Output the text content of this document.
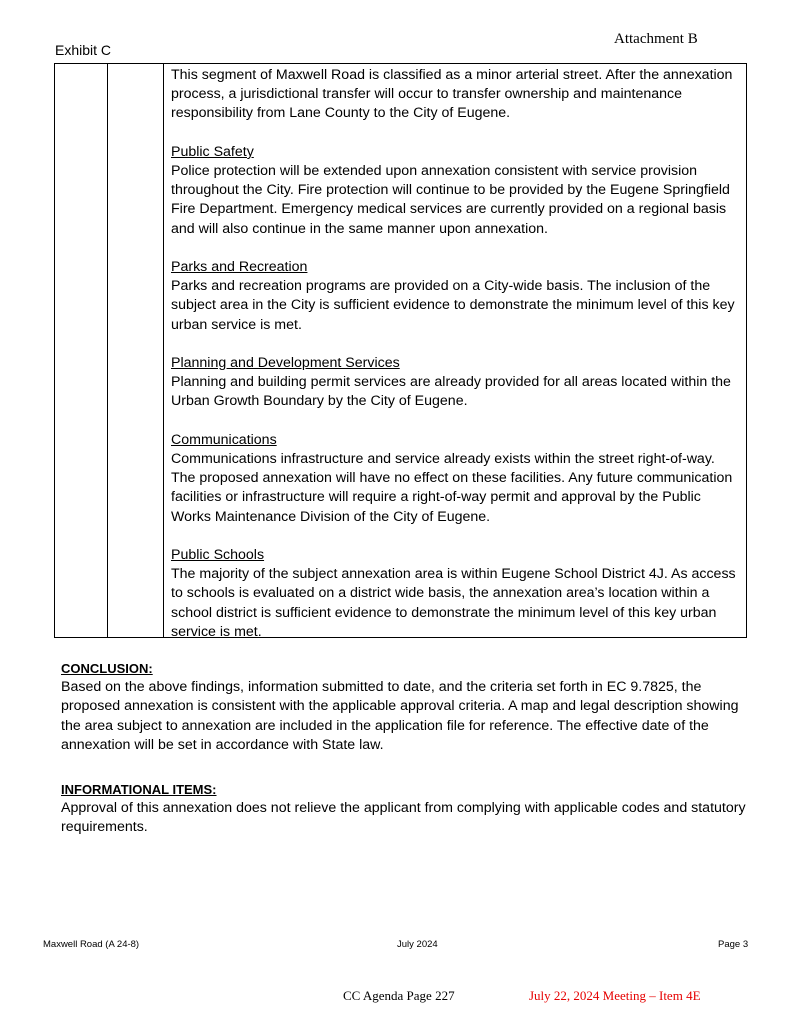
Attachment B
Exhibit C

This segment of Maxwell Road is classified as a minor arterial street. After the annexation process, a jurisdictional transfer will occur to transfer ownership and maintenance responsibility from Lane County to the City of Eugene.

Public Safety
Police protection will be extended upon annexation consistent with service provision throughout the City. Fire protection will continue to be provided by the Eugene Springfield Fire Department. Emergency medical services are currently provided on a regional basis and will also continue in the same manner upon annexation.

Parks and Recreation
Parks and recreation programs are provided on a City-wide basis. The inclusion of the subject area in the City is sufficient evidence to demonstrate the minimum level of this key urban service is met.

Planning and Development Services
Planning and building permit services are already provided for all areas located within the Urban Growth Boundary by the City of Eugene.

Communications
Communications infrastructure and service already exists within the street right-of-way. The proposed annexation will have no effect on these facilities. Any future communication facilities or infrastructure will require a right-of-way permit and approval by the Public Works Maintenance Division of the City of Eugene.

Public Schools
The majority of the subject annexation area is within Eugene School District 4J. As access to schools is evaluated on a district wide basis, the annexation area’s location within a school district is sufficient evidence to demonstrate the minimum level of this key urban service is met.

CONCLUSION:
Based on the above findings, information submitted to date, and the criteria set forth in EC 9.7825, the proposed annexation is consistent with the applicable approval criteria. A map and legal description showing the area subject to annexation are included in the application file for reference. The effective date of the annexation will be set in accordance with State law.
INFORMATIONAL ITEMS:
Approval of this annexation does not relieve the applicant from complying with applicable codes and statutory requirements.
Maxwell Road (A 24-8)	July 2024	Page 3
CC Agenda Page 227	July 22, 2024 Meeting – Item 4E
